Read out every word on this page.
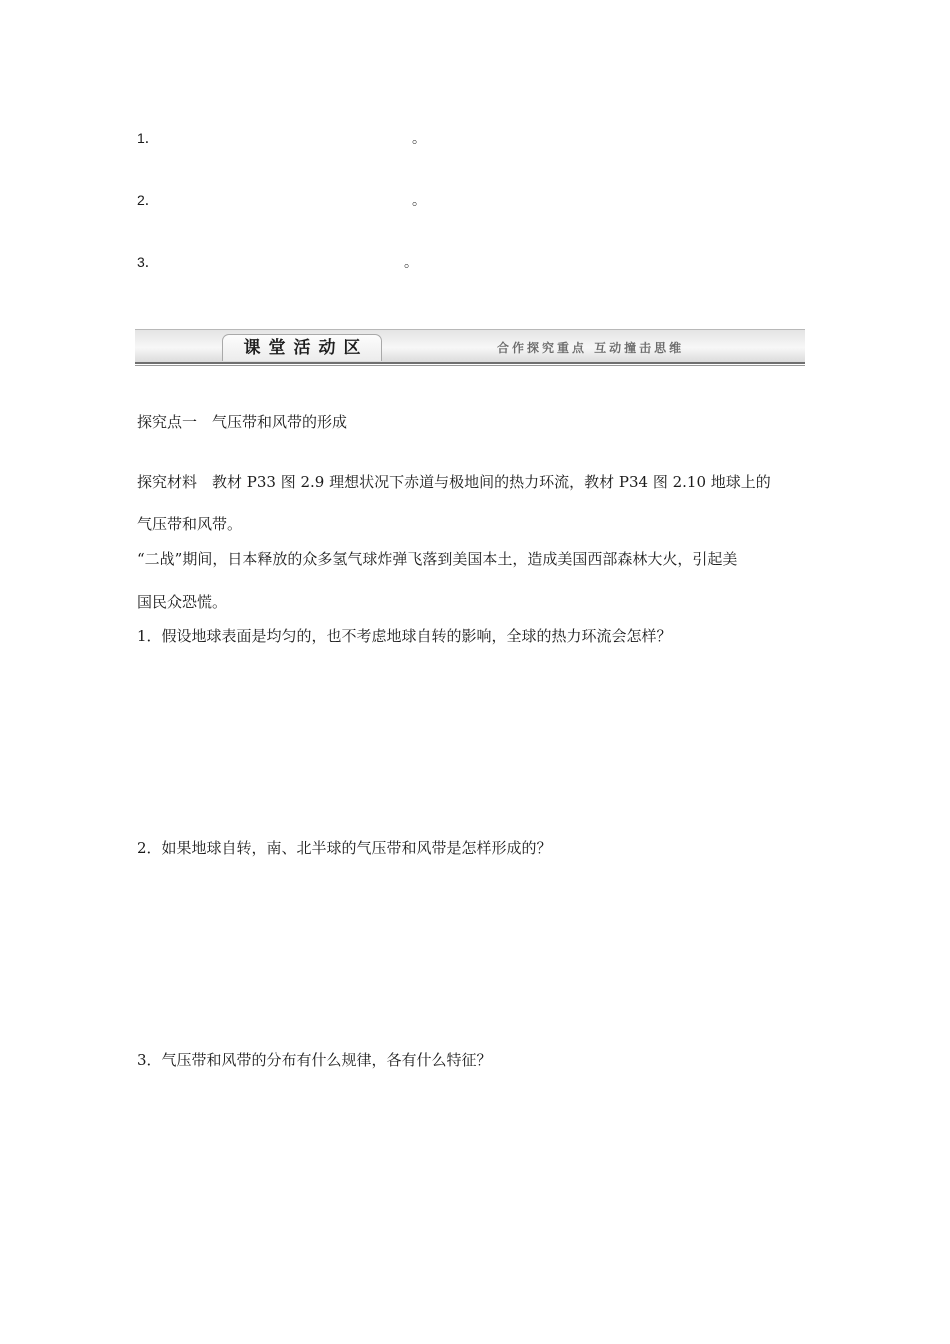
1．	。
2．	。
3．	。
课堂活动区	合作探究重点 互动撞击思维
探究点一　气压带和风带的形成
探究材料　教材 P33 图 2.9 理想状况下赤道与极地间的热力环流，教材 P34 图 2.10 地球上的
气压带和风带。
“二战”期间，日本释放的众多氢气球炸弹飞落到美国本土，造成美国西部森林大火，引起美
国民众恐慌。
1．假设地球表面是均匀的，也不考虑地球自转的影响，全球的热力环流会怎样？
2．如果地球自转，南、北半球的气压带和风带是怎样形成的？
3．气压带和风带的分布有什么规律，各有什么特征？
